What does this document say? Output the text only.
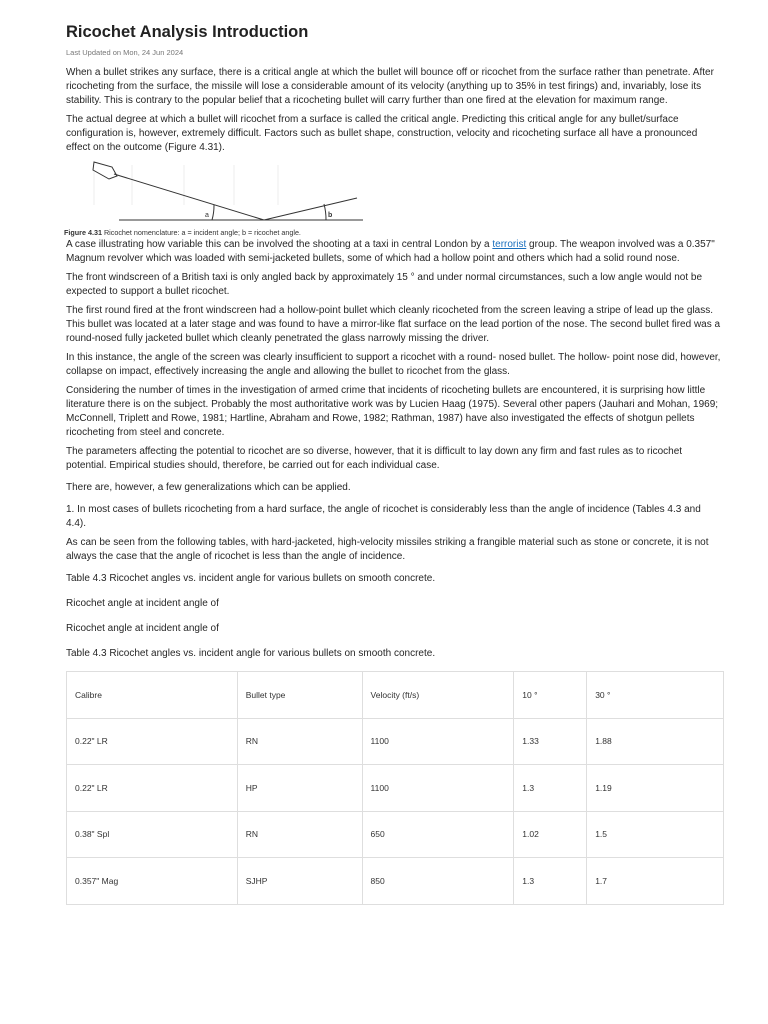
Ricochet Analysis Introduction
Last Updated on Mon, 24 Jun 2024

When a bullet strikes any surface, there is a critical angle at which the bullet will bounce off or ricochet from the surface rather than penetrate. After ricocheting from the surface, the missile will lose a considerable amount of its velocity (anything up to 35% in test firings) and, invariably, lose its stability. This is contrary to the popular belief that a ricocheting bullet will carry further than one fired at the elevation for maximum range.

The actual degree at which a bullet will ricochet from a surface is called the critical angle. Predicting this critical angle for any bullet/surface configuration is, however, extremely difficult. Factors such as bullet shape, construction, velocity and ricocheting surface all have a pronounced effect on the outcome (Figure 4.31).

a	b
Figure 4.31 Ricochet nomenclature: a = incident angle; b = ricochet angle.

A case illustrating how variable this can be involved the shooting at a taxi in central London by a terrorist group. The weapon involved was a 0.357" Magnum revolver which was loaded with semi-jacketed bullets, some of which had a hollow point and others which had a solid round nose.

The front windscreen of a British taxi is only angled back by approximately 15 ° and under normal circumstances, such a low angle would not be expected to support a bullet ricochet.

The first round fired at the front windscreen had a hollow-point bullet which cleanly ricocheted from the screen leaving a stripe of lead up the glass. This bullet was located at a later stage and was found to have a mirror-like flat surface on the lead portion of the nose. The second bullet fired was a round-nosed fully jacketed bullet which cleanly penetrated the glass narrowly missing the driver.

In this instance, the angle of the screen was clearly insufficient to support a ricochet with a round- nosed bullet. The hollow- point nose did, however, collapse on impact, effectively increasing the angle and allowing the bullet to ricochet from the glass.

Considering the number of times in the investigation of armed crime that incidents of ricocheting bullets are encountered, it is surprising how little literature there is on the subject. Probably the most authoritative work was by Lucien Haag (1975). Several other papers (Jauhari and Mohan, 1969; McConnell, Triplett and Rowe, 1981; Hartline, Abraham and Rowe, 1982; Rathman, 1987) have also investigated the effects of shotgun pellets ricocheting from steel and concrete.

The parameters affecting the potential to ricochet are so diverse, however, that it is difficult to lay down any firm and fast rules as to ricochet potential. Empirical studies should, therefore, be carried out for each individual case.

There are, however, a few generalizations which can be applied.

1. In most cases of bullets ricocheting from a hard surface, the angle of ricochet is considerably less than the angle of incidence (Tables 4.3 and 4.4).

As can be seen from the following tables, with hard-jacketed, high-velocity missiles striking a frangible material such as stone or concrete, it is not always the case that the angle of ricochet is less than the angle of incidence.

Table 4.3 Ricochet angles vs. incident angle for various bullets on smooth concrete.

Ricochet angle at incident angle of

Ricochet angle at incident angle of

Table 4.3 Ricochet angles vs. incident angle for various bullets on smooth concrete.

Calibre	Bullet type	Velocity (ft/s)	10 °	30 °
0.22" LR	RN	1100	1.33	1.88
0.22" LR	HP	1100	1.3	1.19
0.38" Spl	RN	650	1.02	1.5
0.357" Mag	SJHP	850	1.3	1.7
